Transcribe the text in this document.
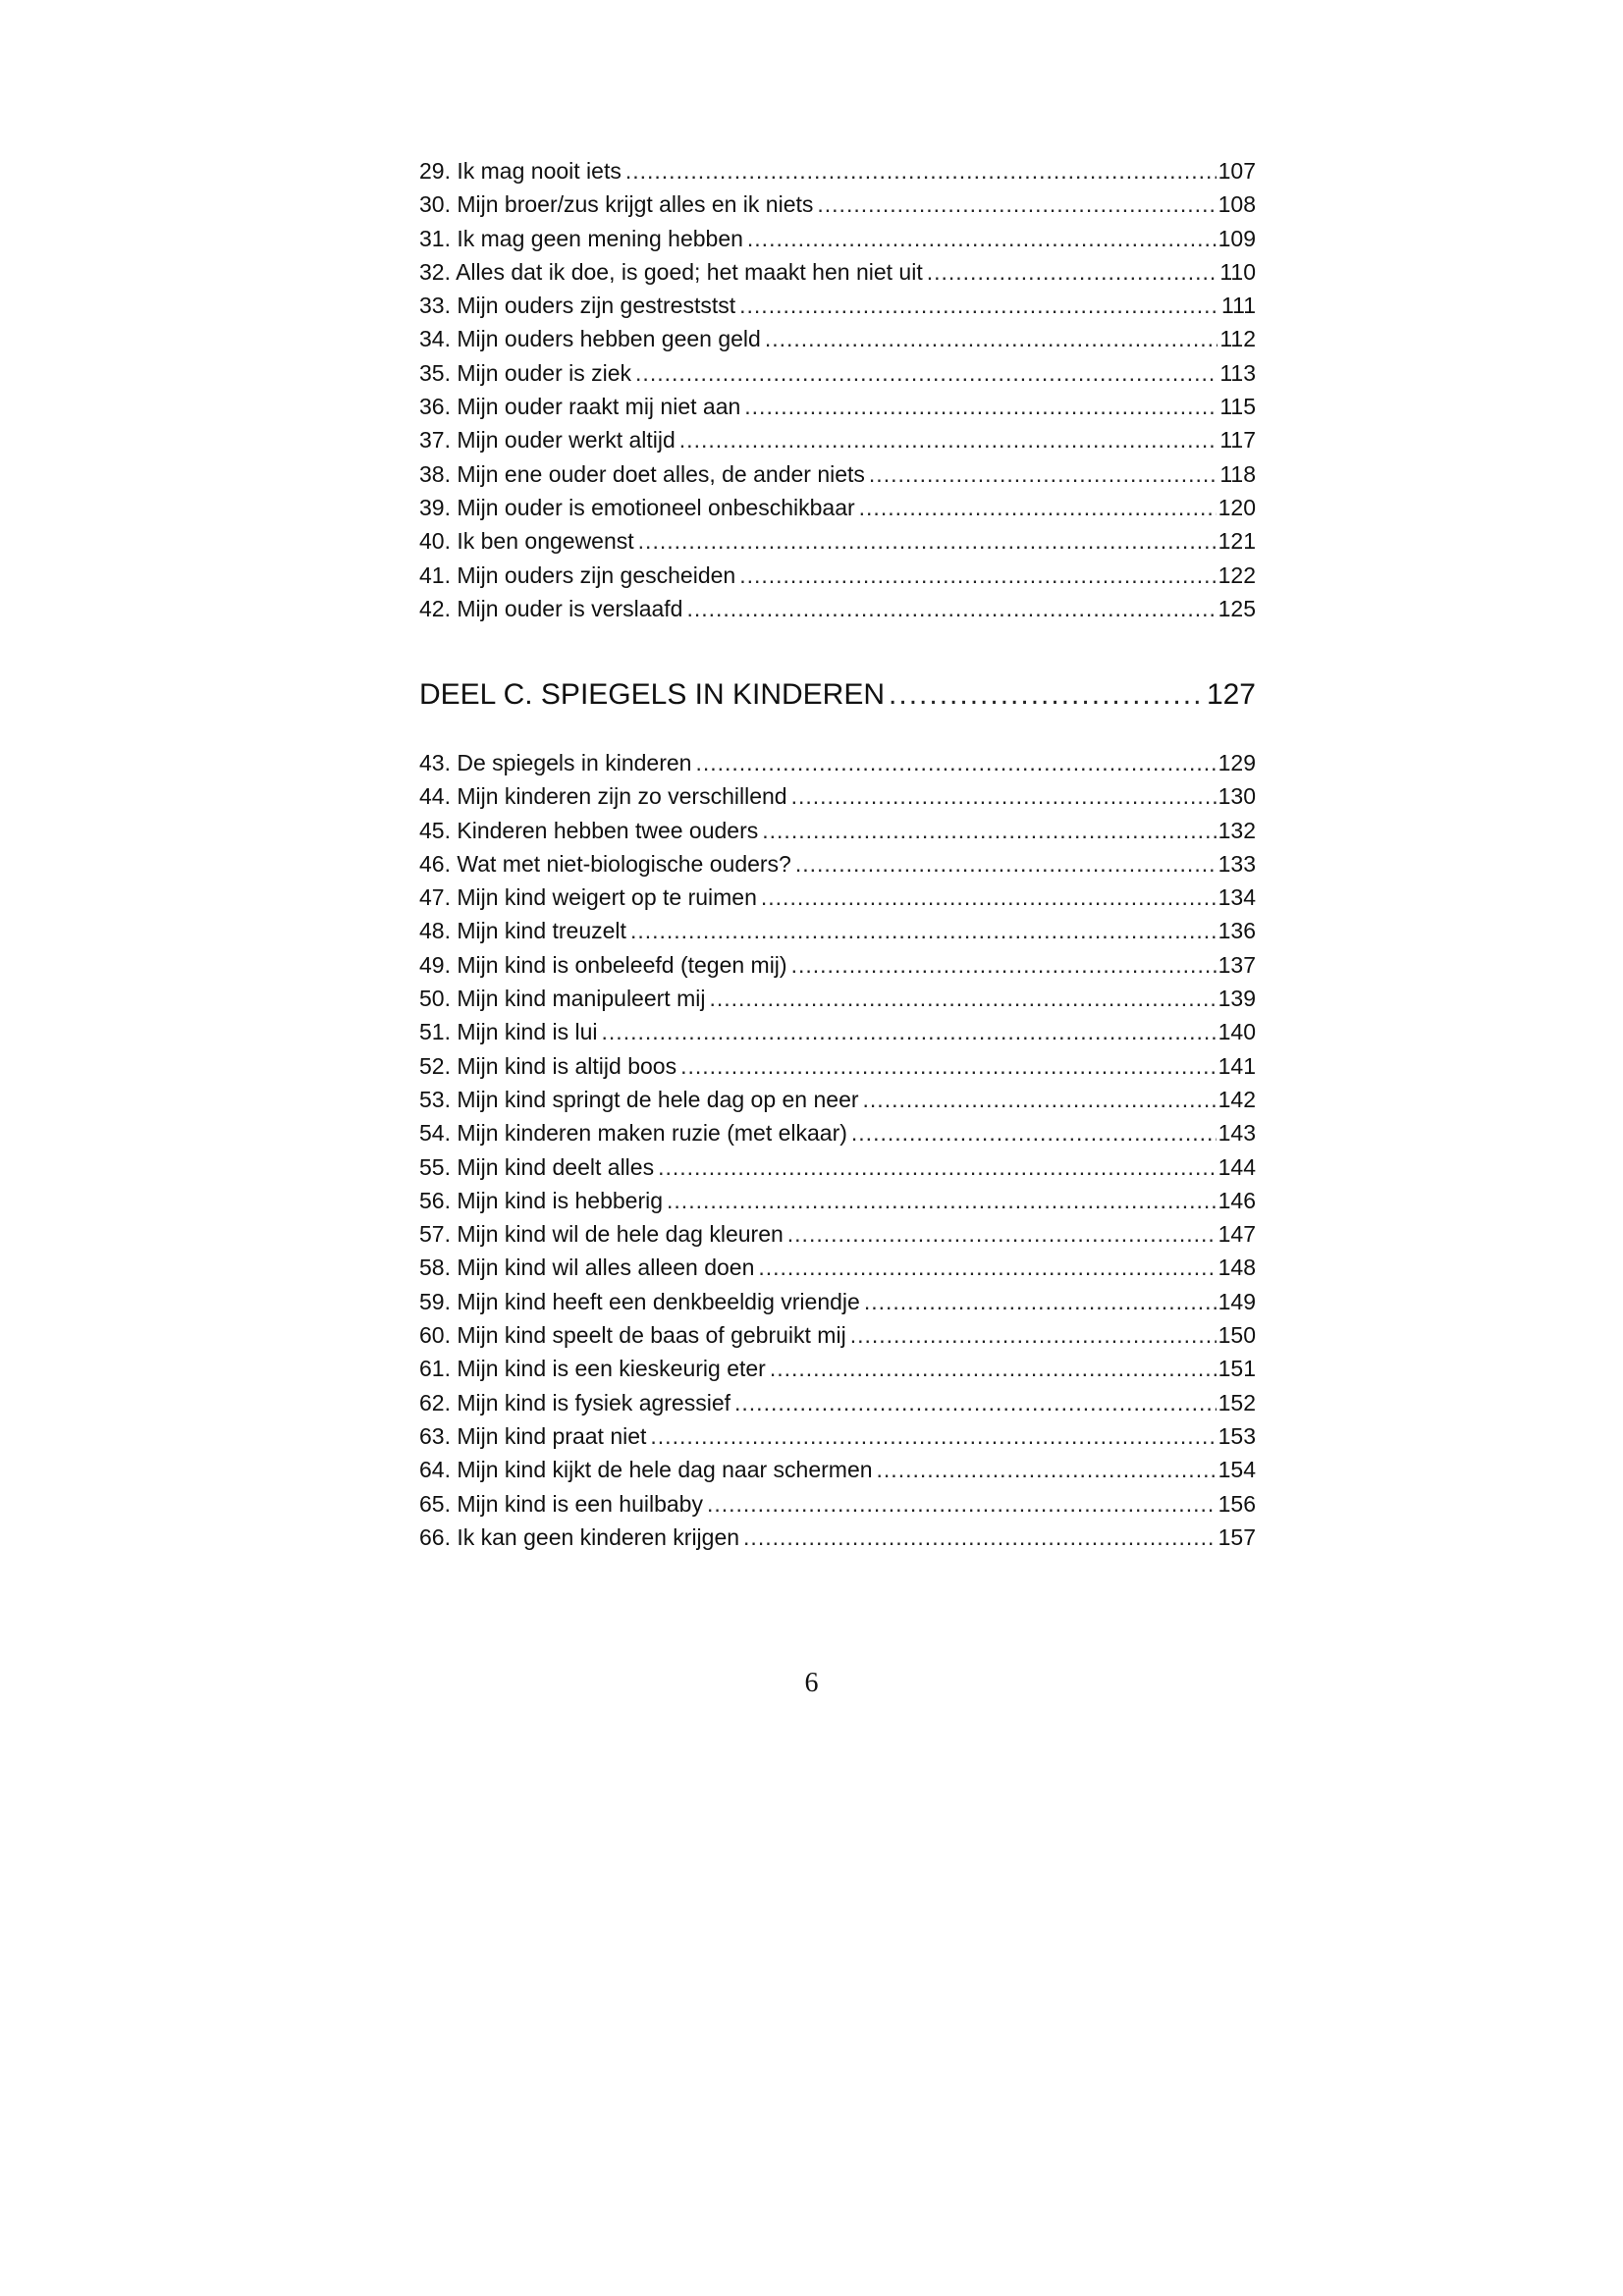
29. Ik mag nooit iets .....	107
30. Mijn broer/zus krijgt alles en ik niets .....	108
31. Ik mag geen mening hebben .....	109
32. Alles dat ik doe, is goed; het maakt hen niet uit .....	110
33. Mijn ouders zijn gestreststst .....	111
34. Mijn ouders hebben geen geld .....	112
35. Mijn ouder is ziek .....	113
36. Mijn ouder raakt mij niet aan .....	115
37. Mijn ouder werkt altijd .....	117
38. Mijn ene ouder doet alles, de ander niets .....	118
39. Mijn ouder is emotioneel onbeschikbaar .....	120
40. Ik ben ongewenst .....	121
41. Mijn ouders zijn gescheiden .....	122
42. Mijn ouder is verslaafd .....	125
DEEL C. SPIEGELS IN KINDEREN .....	127
43. De spiegels in kinderen .....	129
44. Mijn kinderen zijn zo verschillend .....	130
45. Kinderen hebben twee ouders .....	132
46. Wat met niet-biologische ouders? .....	133
47. Mijn kind weigert op te ruimen .....	134
48. Mijn kind treuzelt .....	136
49. Mijn kind is onbeleefd (tegen mij) .....	137
50. Mijn kind manipuleert mij .....	139
51. Mijn kind is lui .....	140
52. Mijn kind is altijd boos .....	141
53. Mijn kind springt de hele dag op en neer .....	142
54. Mijn kinderen maken ruzie (met elkaar) .....	143
55. Mijn kind deelt alles .....	144
56. Mijn kind is hebberig .....	146
57. Mijn kind wil de hele dag kleuren .....	147
58. Mijn kind wil alles alleen doen .....	148
59. Mijn kind heeft een denkbeeldig vriendje .....	149
60. Mijn kind speelt de baas of gebruikt mij .....	150
61. Mijn kind is een kieskeurig eter .....	151
62. Mijn kind is fysiek agressief .....	152
63. Mijn kind praat niet .....	153
64. Mijn kind kijkt de hele dag naar schermen .....	154
65. Mijn kind is een huilbaby .....	156
66. Ik kan geen kinderen krijgen .....	157
6
